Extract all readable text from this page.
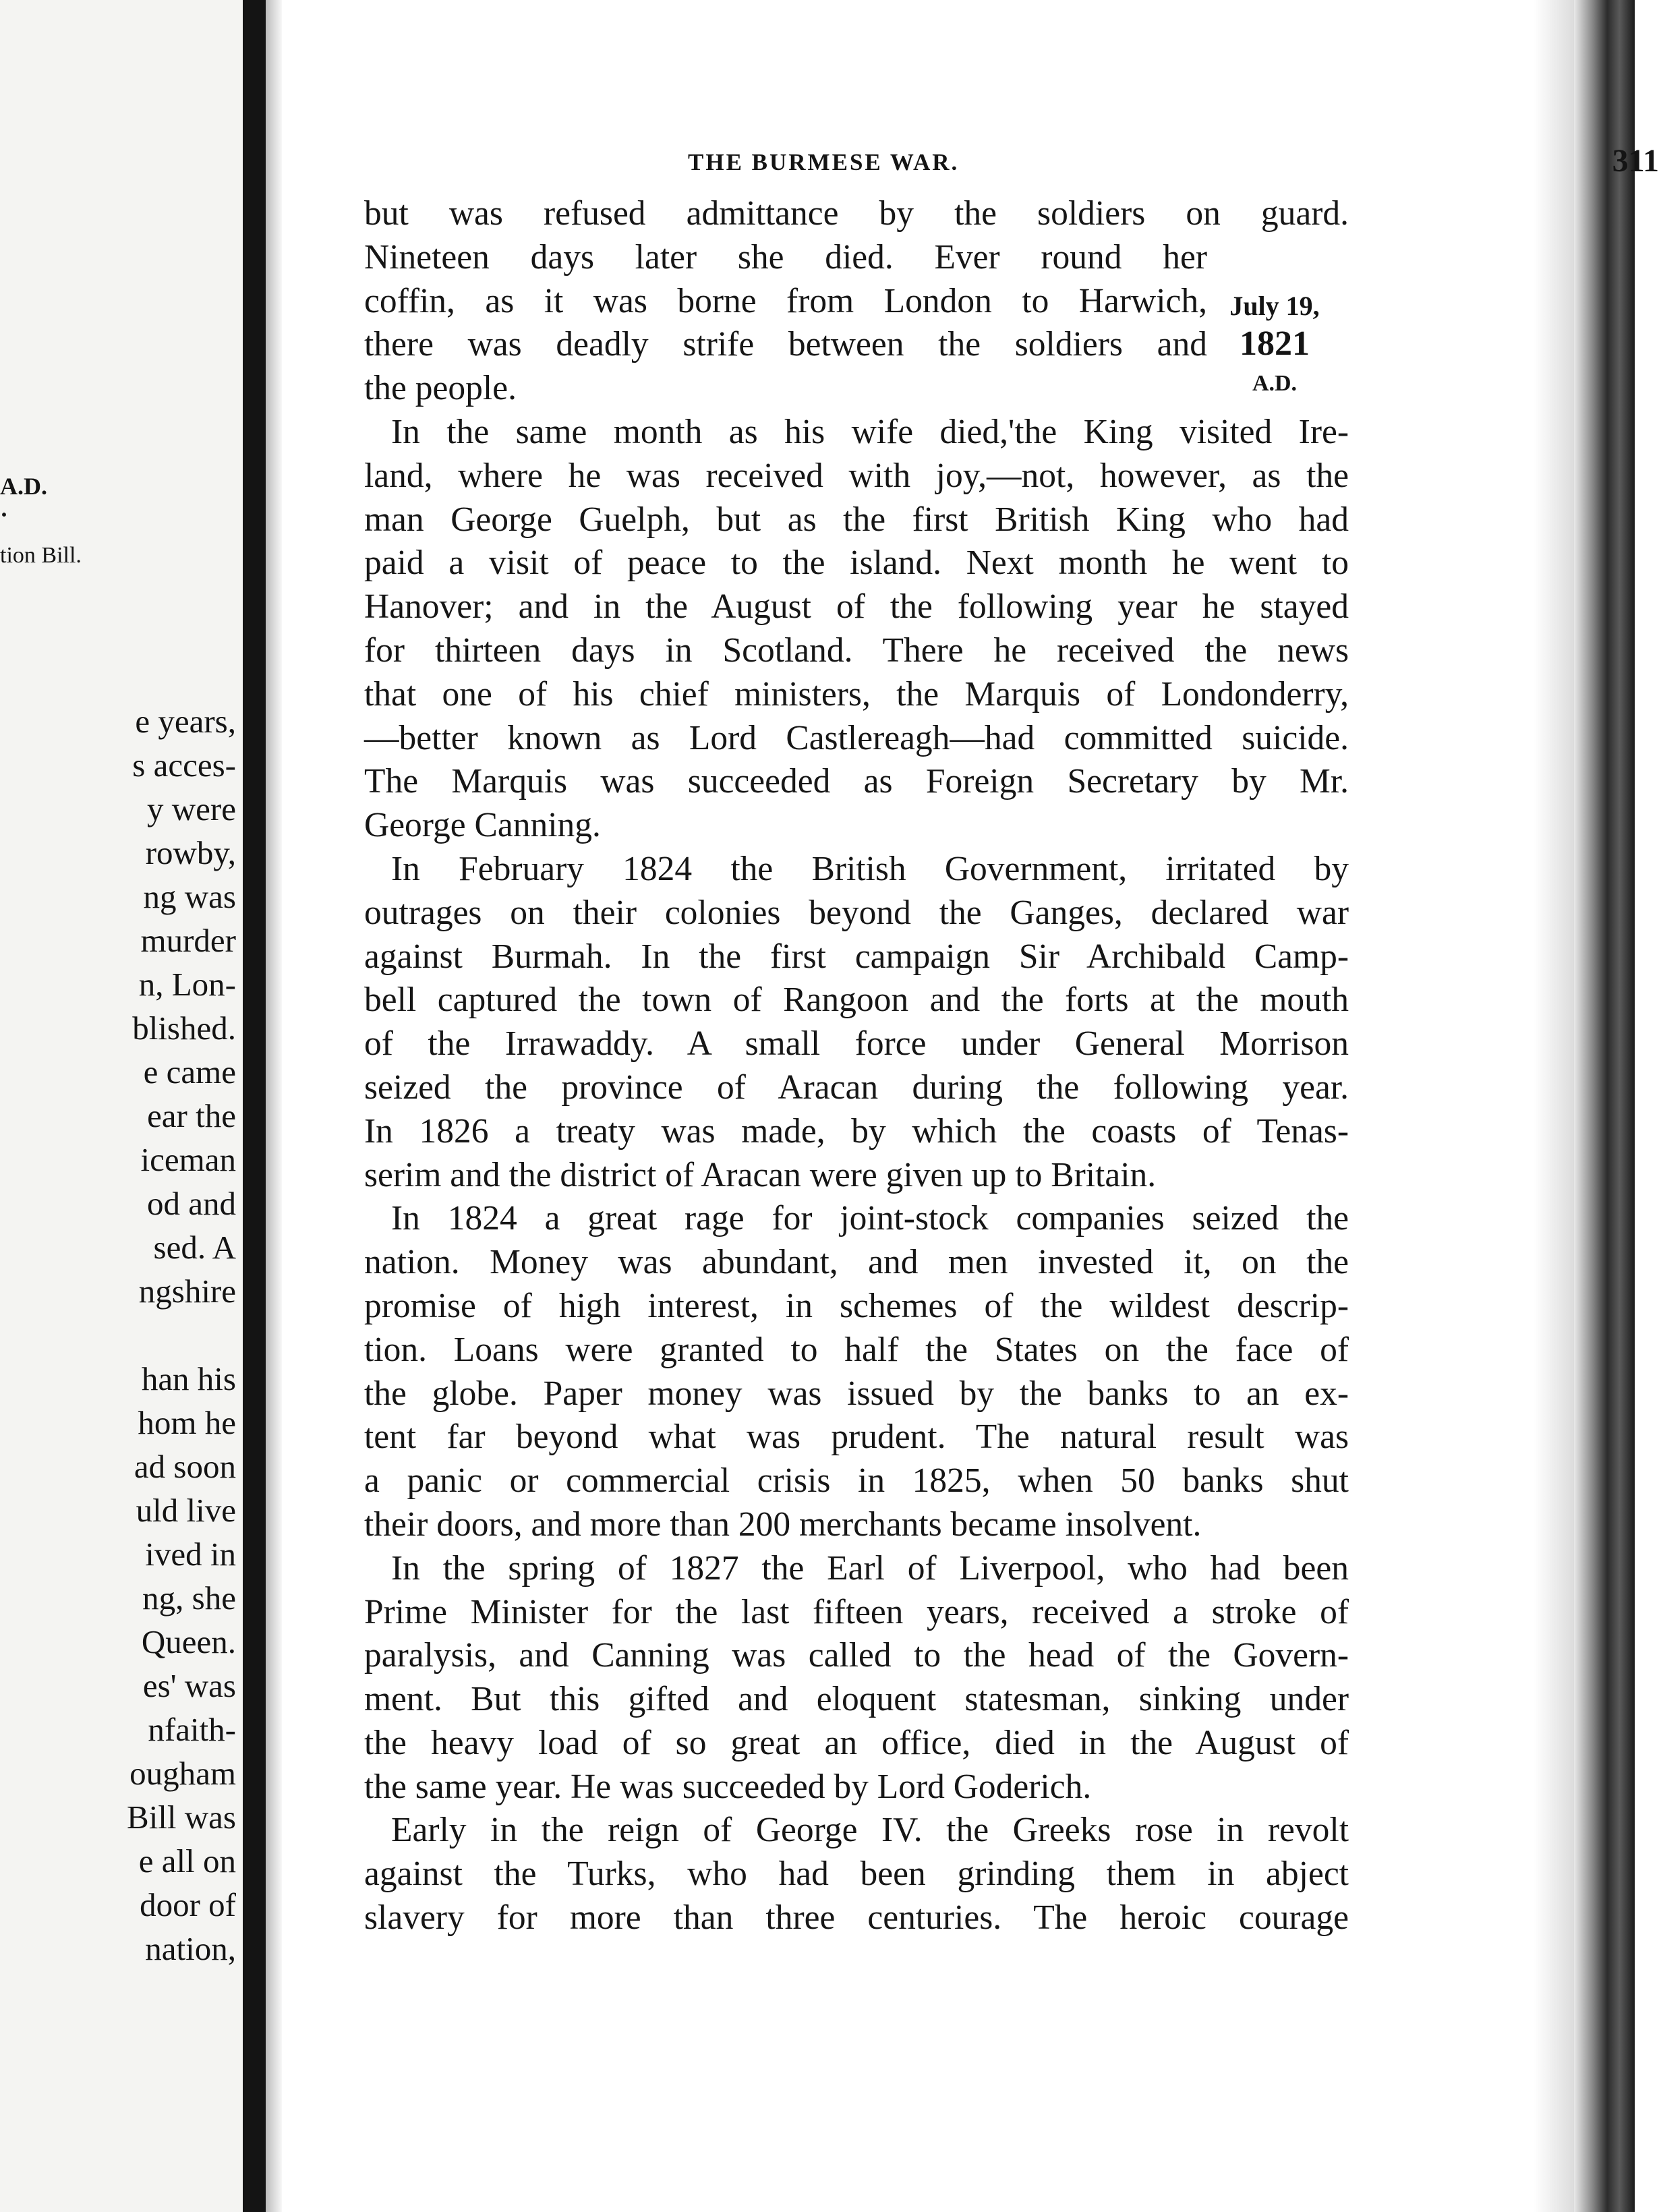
A.D. ·
tion Bill.
e years,
s acces-
y were
rowby,
ng was
murder
n, Lon-
blished.
e came
ear the
iceman
od and
sed. A
ngshire
han his
hom he
ad soon
uld live
ived in
ng, she
Queen.
es' was
nfaith-
ougham
Bill was
e all on
door of
nation,
THE BURMESE WAR.	311
July 19,
1821
A.D.
but was refused admittance by the soldiers on guard.
Nineteen days later she died. Ever round her
coffin, as it was borne from London to Harwich,
there was deadly strife between the soldiers and
the people.
In the same month as his wife died,'the King visited Ire-
land, where he was received with joy,—not, however, as the
man George Guelph, but as the first British King who had
paid a visit of peace to the island. Next month he went to
Hanover; and in the August of the following year he stayed
for thirteen days in Scotland. There he received the news
that one of his chief ministers, the Marquis of Londonderry,
—better known as Lord Castlereagh—had committed suicide.
The Marquis was succeeded as Foreign Secretary by Mr.
George Canning.
In February 1824 the British Government, irritated by
outrages on their colonies beyond the Ganges, declared war
against Burmah. In the first campaign Sir Archibald Camp-
bell captured the town of Rangoon and the forts at the mouth
of the Irrawaddy. A small force under General Morrison
seized the province of Aracan during the following year.
In 1826 a treaty was made, by which the coasts of Tenas-
serim and the district of Aracan were given up to Britain.
In 1824 a great rage for joint-stock companies seized the
nation. Money was abundant, and men invested it, on the
promise of high interest, in schemes of the wildest descrip-
tion. Loans were granted to half the States on the face of
the globe. Paper money was issued by the banks to an ex-
tent far beyond what was prudent. The natural result was
a panic or commercial crisis in 1825, when 50 banks shut
their doors, and more than 200 merchants became insolvent.
In the spring of 1827 the Earl of Liverpool, who had been
Prime Minister for the last fifteen years, received a stroke of
paralysis, and Canning was called to the head of the Govern-
ment. But this gifted and eloquent statesman, sinking under
the heavy load of so great an office, died in the August of
the same year. He was succeeded by Lord Goderich.
Early in the reign of George IV. the Greeks rose in revolt
against the Turks, who had been grinding them in abject
slavery for more than three centuries. The heroic courage
